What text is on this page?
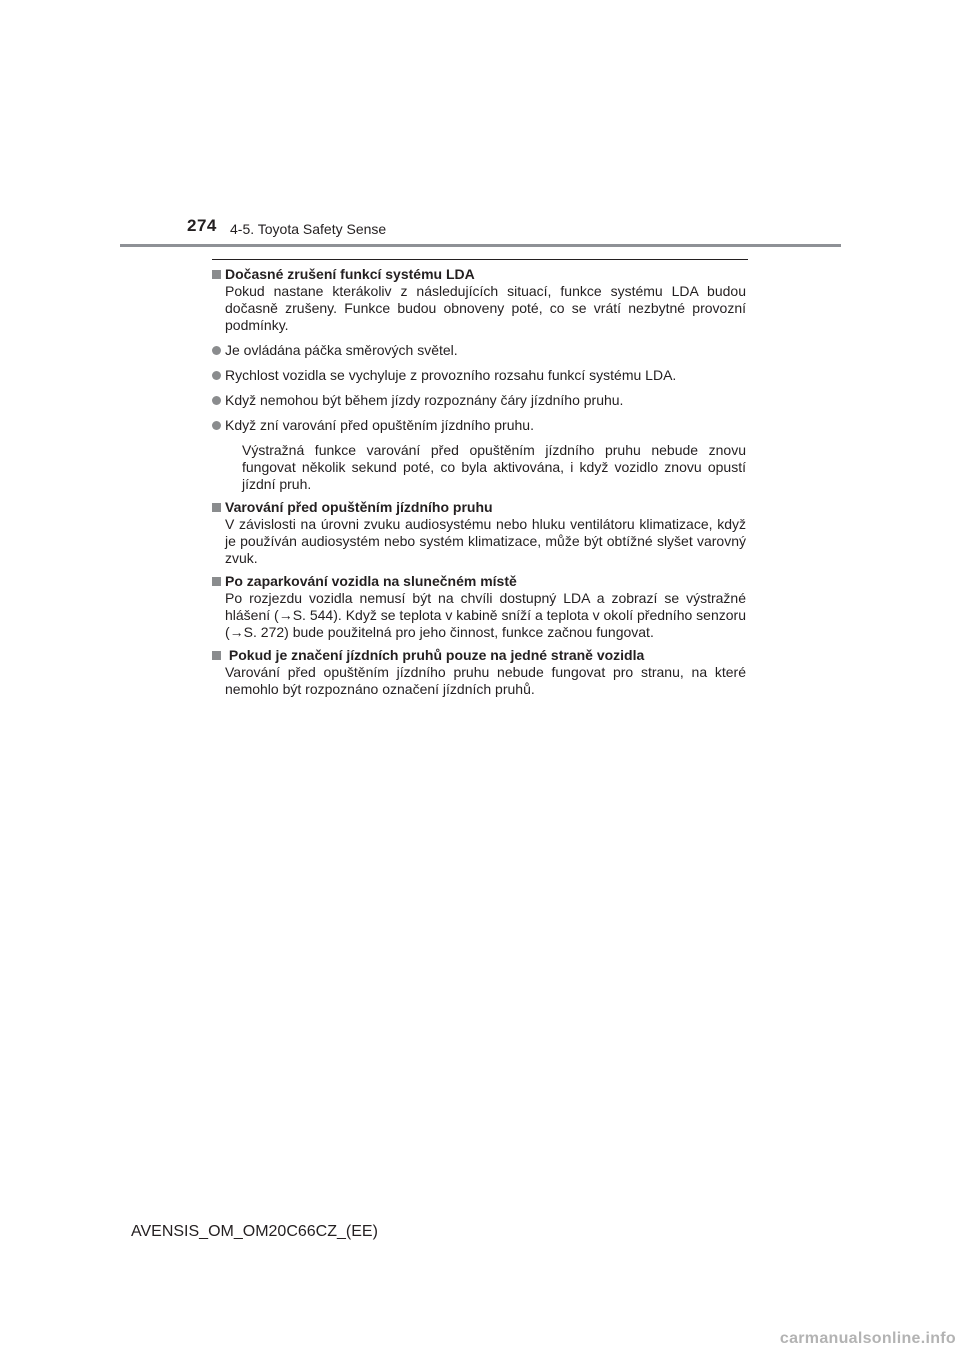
274 4-5. Toyota Safety Sense
Dočasné zrušení funkcí systému LDA

Pokud nastane kterákoliv z následujících situací, funkce systému LDA budou dočasně zrušeny. Funkce budou obnoveny poté, co se vrátí nezbytné provozní podmínky.

Je ovládána páčka směrových světel.
Rychlost vozidla se vychyluje z provozního rozsahu funkcí systému LDA.
Když nemohou být během jízdy rozpoznány čáry jízdního pruhu.
Když zní varování před opuštěním jízdního pruhu.

Výstražná funkce varování před opuštěním jízdního pruhu nebude znovu fungovat několik sekund poté, co byla aktivována, i když vozidlo znovu opustí jízdní pruh.

Varování před opuštěním jízdního pruhu

V závislosti na úrovni zvuku audiosystému nebo hluku ventilátoru klimatizace, když je používán audiosystém nebo systém klimatizace, může být obtížné slyšet varovný zvuk.

Po zaparkování vozidla na slunečném místě

Po rozjezdu vozidla nemusí být na chvíli dostupný LDA a zobrazí se výstražné hlášení (→S. 544). Když se teplota v kabině sníží a teplota v okolí předního senzoru (→S. 272) bude použitelná pro jeho činnost, funkce začnou fungovat.

Pokud je značení jízdních pruhů pouze na jedné straně vozidla

Varování před opuštěním jízdního pruhu nebude fungovat pro stranu, na které nemohlo být rozpoznáno označení jízdních pruhů.

AVENSIS_OM_OM20C66CZ_(EE)
carmanualsonline.info
